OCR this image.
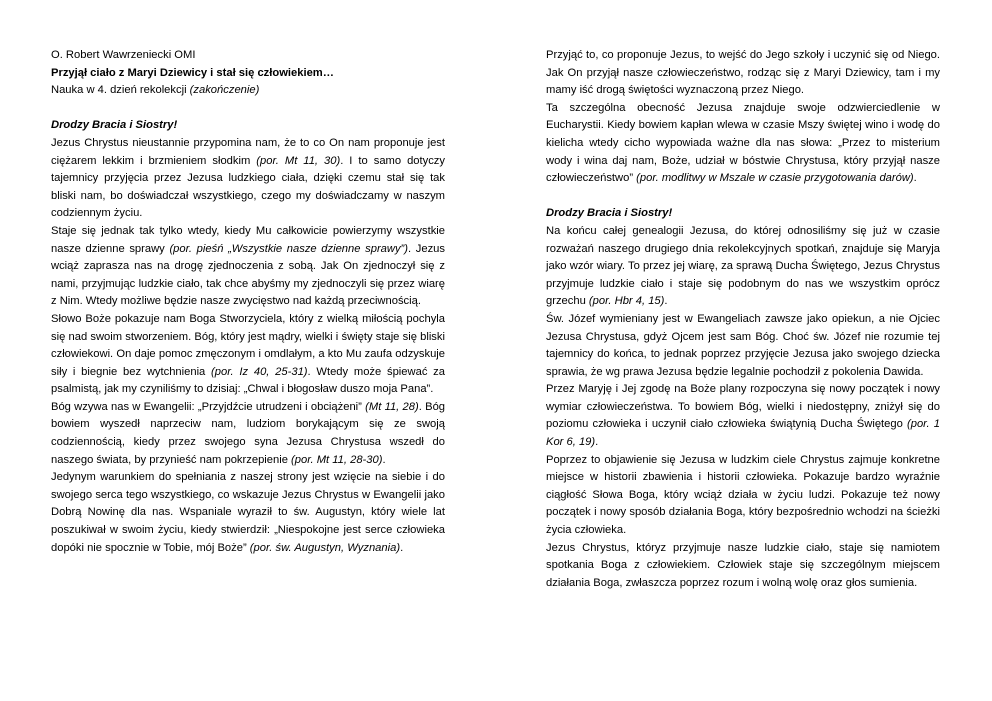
O. Robert Wawrzeniecki OMI

Przyjął ciało z Maryi Dziewicy i stał się człowiekiem…

Nauka w 4. dzień rekolekcji (zakończenie)

Drodzy Bracia i Siostry!

Jezus Chrystus nieustannie przypomina nam, że to co On nam proponuje jest ciężarem lekkim i brzmieniem słodkim (por. Mt 11, 30). I to samo dotyczy tajemnicy przyjęcia przez Jezusa ludzkiego ciała, dzięki czemu stał się tak bliski nam, bo doświadczał wszystkiego, czego my doświadczamy w naszym codziennym życiu.

Staje się jednak tak tylko wtedy, kiedy Mu całkowicie powierzymy wszystkie nasze dzienne sprawy (por. pieśń „Wszystkie nasze dzienne sprawy”). Jezus wciąż zaprasza nas na drogę zjednoczenia z sobą. Jak On zjednoczył się z nami, przyjmując ludzkie ciało, tak chce abyśmy my zjednoczyli się przez wiarę z Nim. Wtedy możliwe będzie nasze zwycięstwo nad każdą przeciwnością.

Słowo Boże pokazuje nam Boga Stworzyciela, który z wielką miłością pochyla się nad swoim stworzeniem. Bóg, który jest mądry, wielki i święty staje się bliski człowiekowi. On daje pomoc zmęczonym i omdlałym, a kto Mu zaufa odzyskuje siły i biegnie bez wytchnienia (por. Iz 40, 25-31). Wtedy może śpiewać za psalmistą, jak my czyniliśmy to dzisiaj: „Chwal i błogosław duszo moja Pana”.

Bóg wzywa nas w Ewangelii: „Przyjdźcie utrudzeni i obciążeni” (Mt 11, 28). Bóg bowiem wyszedł naprzeciw nam, ludziom borykającym się ze swoją codziennością, kiedy przez swojego syna Jezusa Chrystusa wszedł do naszego świata, by przynieść nam pokrzepienie (por. Mt 11, 28-30).

Jedynym warunkiem do spełniania z naszej strony jest wzięcie na siebie i do swojego serca tego wszystkiego, co wskazuje Jezus Chrystus w Ewangelii jako Dobrą Nowinę dla nas. Wspaniale wyraził to św. Augustyn, który wiele lat poszukiwał w swoim życiu, kiedy stwierdził: „Niespokojne jest serce człowieka dopóki nie spocznie w Tobie, mój Boże” (por. św. Augustyn, Wyznania).

Przyjąć to, co proponuje Jezus, to wejść do Jego szkoły i uczynić się od Niego. Jak On przyjął nasze człowieczeństwo, rodząc się z Maryi Dziewicy, tam i my mamy iść drogą świętości wyznaczoną przez Niego.

Ta szczególna obecność Jezusa znajduje swoje odzwierciedlenie w Eucharystii. Kiedy bowiem kapłan wlewa w czasie Mszy świętej wino i wodę do kielicha wtedy cicho wypowiada ważne dla nas słowa: „Przez to misterium wody i wina daj nam, Boże, udział w bóstwie Chrystusa, który przyjął nasze człowieczeństwo” (por. modlitwy w Mszale w czasie przygotowania darów).

Drodzy Bracia i Siostry!

Na końcu całej genealogii Jezusa, do której odnosiliśmy się już w czasie rozważań naszego drugiego dnia rekolekcyjnych spotkań, znajduje się Maryja jako wzór wiary. To przez jej wiarę, za sprawą Ducha Świętego, Jezus Chrystus przyjmuje ludzkie ciało i staje się podobnym do nas we wszystkim oprócz grzechu (por. Hbr 4, 15).

Św. Józef wymieniany jest w Ewangeliach zawsze jako opiekun, a nie Ojciec Jezusa Chrystusa, gdyż Ojcem jest sam Bóg. Choć św. Józef nie rozumie tej tajemnicy do końca, to jednak poprzez przyjęcie Jezusa jako swojego dziecka sprawia, że wg prawa Jezusa będzie legalnie pochodził z pokolenia Dawida.

Przez Maryję i Jej zgodę na Boże plany rozpoczyna się nowy początek i nowy wymiar człowieczeństwa. To bowiem Bóg, wielki i niedostępny, zniżył się do poziomu człowieka i uczynił ciało człowieka świątynią Ducha Świętego (por. 1 Kor 6, 19).

Poprzez to objawienie się Jezusa w ludzkim ciele Chrystus zajmuje konkretne miejsce w historii zbawienia i historii człowieka. Pokazuje bardzo wyraźnie ciągłość Słowa Boga, który wciąż działa w życiu ludzi. Pokazuje też nowy początek i nowy sposób działania Boga, który bezpośrednio wchodzi na ścieżki życia człowieka.

Jezus Chrystus, któryz przyjmuje nasze ludzkie ciało, staje się namiotem spotkania Boga z człowiekiem. Człowiek staje się szczególnym miejscem działania Boga, zwłaszcza poprzez rozum i wolną wolę oraz głos sumienia.
